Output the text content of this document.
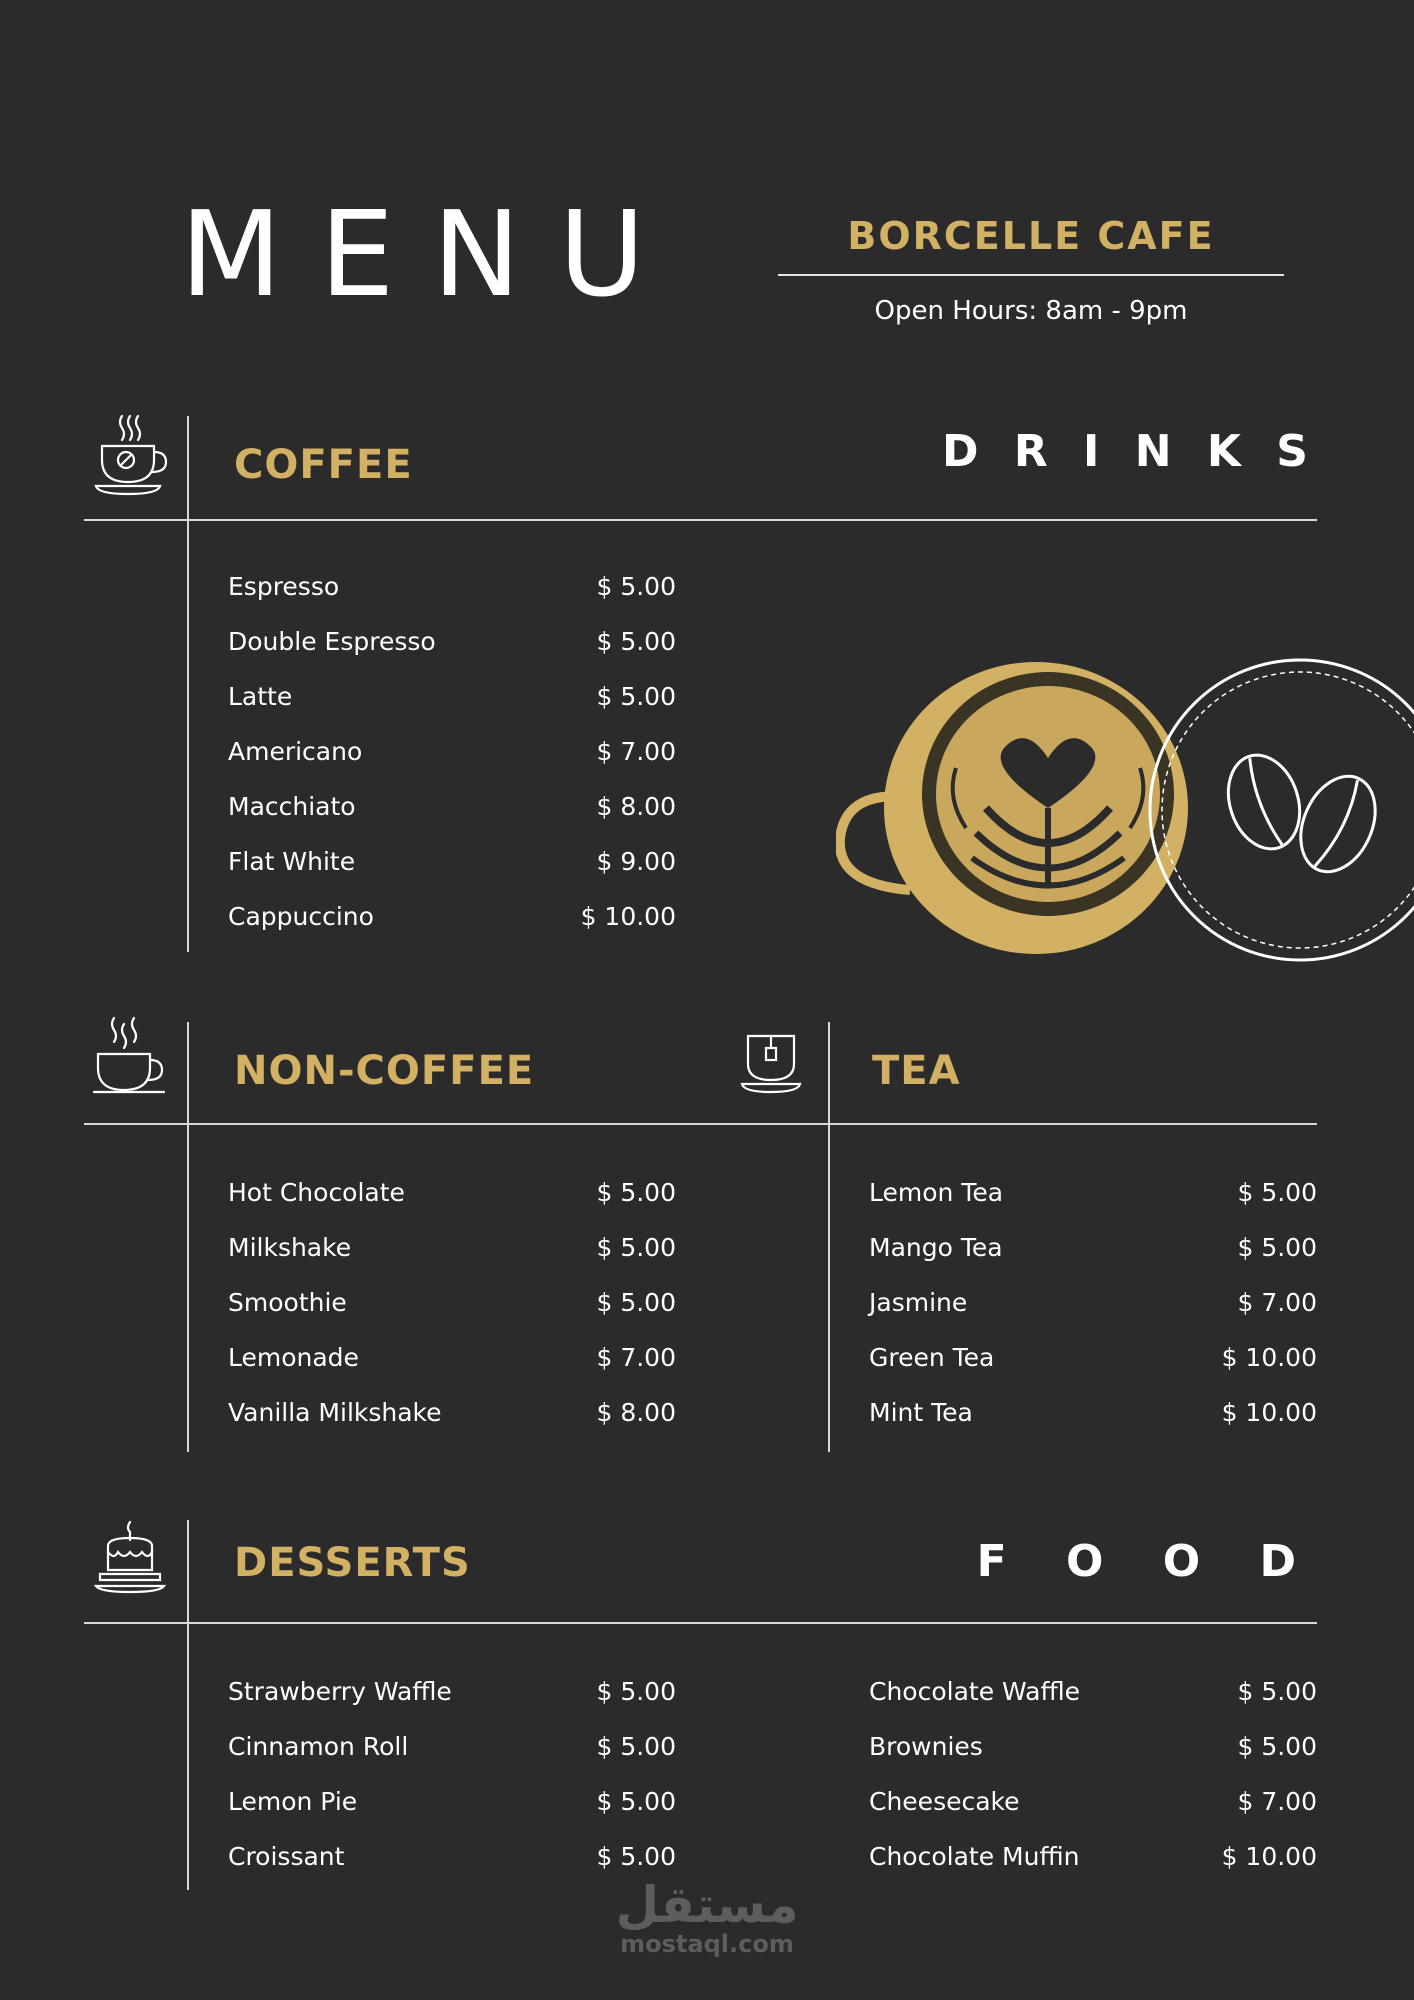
MENU	BORCELLE CAFE
Open Hours: 8am - 9pm
COFFEE	D R I N K S
Espresso	$ 5.00
Double Espresso	$ 5.00
Latte	$ 5.00
Americano	$ 7.00
Macchiato	$ 8.00
Flat White	$ 9.00
Cappuccino	$ 10.00
NON-COFFEE	TEA
Hot Chocolate	$ 5.00
Milkshake	$ 5.00
Smoothie	$ 5.00
Lemonade	$ 7.00
Vanilla Milkshake	$ 8.00
Lemon Tea	$ 5.00
Mango Tea	$ 5.00
Jasmine	$ 7.00
Green Tea	$ 10.00
Mint Tea	$ 10.00
DESSERTS	F O O D
Strawberry Waffle	$ 5.00
Cinnamon Roll	$ 5.00
Lemon Pie	$ 5.00
Croissant	$ 5.00
Chocolate Waffle	$ 5.00
Brownies	$ 5.00
Cheesecake	$ 7.00
Chocolate Muffin	$ 10.00
مستقل
mostaql.com
